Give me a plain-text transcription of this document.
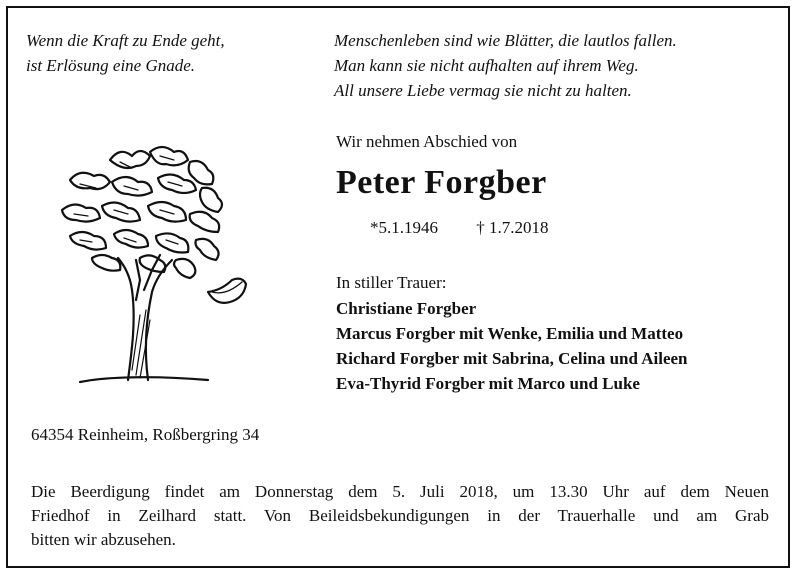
Wenn die Kraft zu Ende geht,
ist Erlösung eine Gnade.
Menschenleben sind wie Blätter, die lautlos fallen.
Man kann sie nicht aufhalten auf ihrem Weg.
All unsere Liebe vermag sie nicht zu halten.
Wir nehmen Abschied von
Peter Forgber
*5.1.1946 † 1.7.2018
In stiller Trauer:
Christiane Forgber
Marcus Forgber mit Wenke, Emilia und Matteo
Richard Forgber mit Sabrina, Celina und Aileen
Eva-Thyrid Forgber mit Marco und Luke
64354 Reinheim, Roßbergring 34
Die Beerdigung findet am Donnerstag dem 5. Juli 2018, um 13.30 Uhr auf dem Neuen
Friedhof in Zeilhard statt. Von Beileidsbekundigungen in der Trauerhalle und am Grab
bitten wir abzusehen.
